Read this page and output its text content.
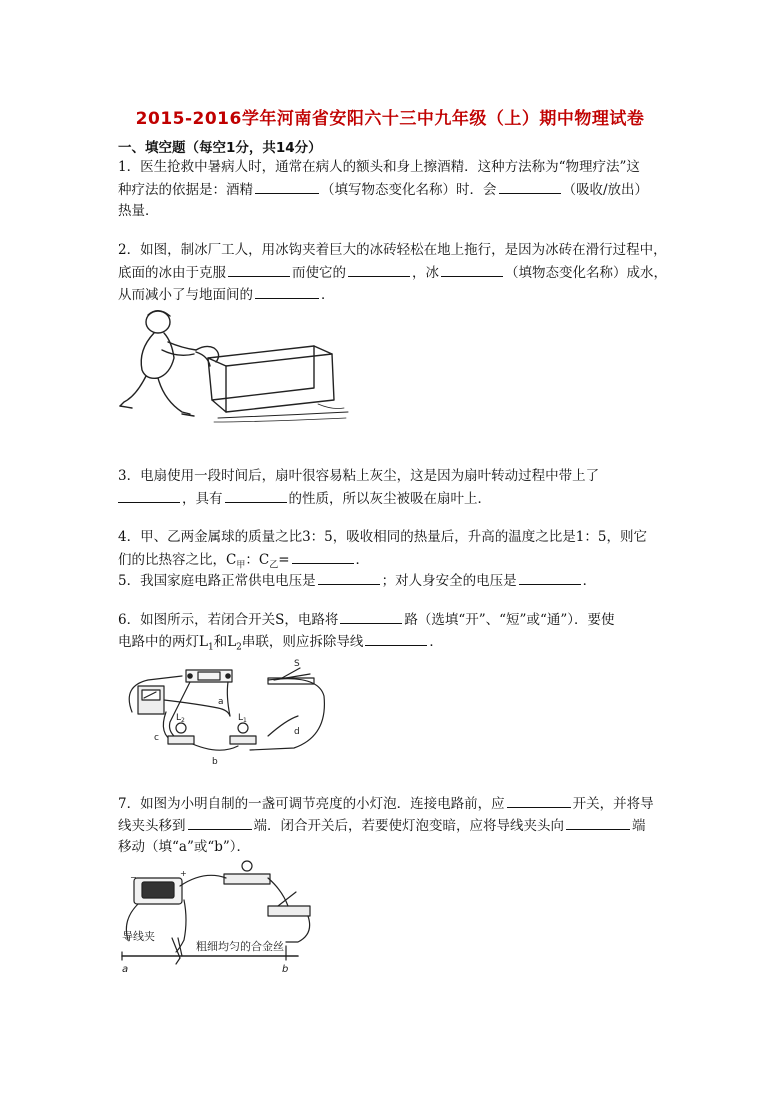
2015-2016学年河南省安阳六十三中九年级（上）期中物理试卷
一、填空题（每空1分，共14分）
1．医生抢救中暑病人时，通常在病人的额头和身上擦酒精．这种方法称为“物理疗法”这
种疗法的依据是：酒精	（填写物态变化名称）时．会	（吸收/放出）
热量．
2．如图，制冰厂工人，用冰钩夹着巨大的冰砖轻松在地上拖行，是因为冰砖在滑行过程中，
底面的冰由于克服	而使它的	，冰	（填物态变化名称）成水，
从而减小了与地面间的	．
3．电扇使用一段时间后，扇叶很容易粘上灰尘，这是因为扇叶转动过程中带上了
，具有	的性质，所以灰尘被吸在扇叶上．
4．甲、乙两金属球的质量之比3：5，吸收相同的热量后，升高的温度之比是1：5，则它
们的比热容之比，$C_甲$：$C_乙=$	．
5．我国家庭电路正常供电电压是	；对人身安全的电压是	．
6．如图所示，若闭合开关S，电路将	路（选填“开”、“短”或“通”）．要使
电路中的两灯$L_1$和$L_2$串联，则应拆除导线	．
S
a
b
c
d
$L_2$	$L_1$
7．如图为小明自制的一盏可调节亮度的小灯泡．连接电路前，应	开关，并将导
线夹头移到	端．闭合开关后，若要使灯泡变暗，应将导线夹头向	端
移动（填“a”或“b”）．
−	+
导线夹
粗细均匀的合金丝
a	b
